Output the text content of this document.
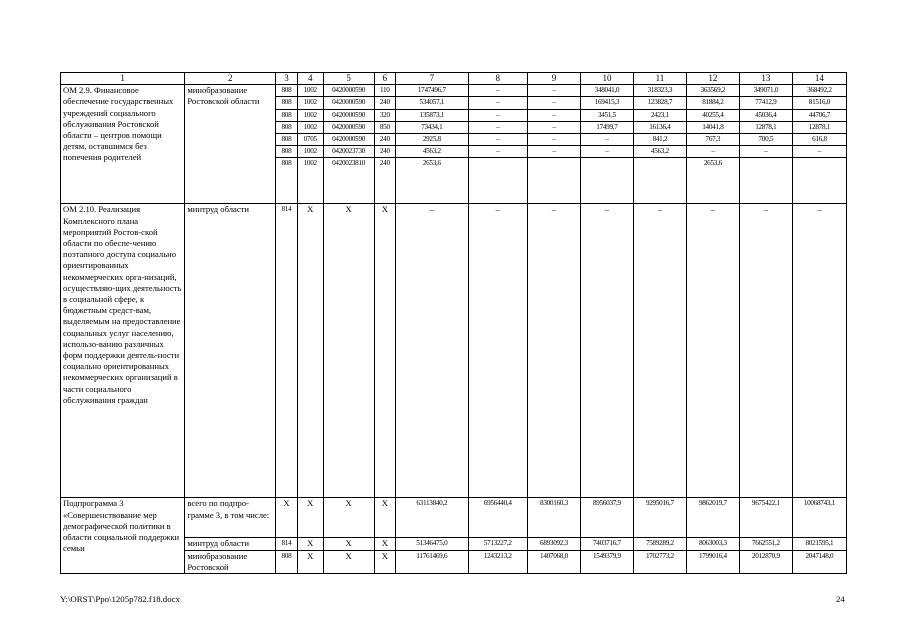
1	2	3	4	5	6	7	8	9	10	11	12	13	14
ОМ 2.9. Финансовое обеспечение государственных учреждений социального обслуживания Ростовской области – центров помощи детям, оставшимся без попечения родителей	минобразование Ростовской области	808	1002	0420000590	110	1747496,7	–	–	348041,0	318323,3	363569,2	349071,0	368492,2
		808	1002	0420000590	240	534057,1	–	–	169415,3	123828,7	81884,2	77412,9	81516,0
		808	1002	0420000590	320	135873,1	–	–	3451,5	2423,1	40255,4	45036,4	44706,7
		808	1002	0420000590	850	73434,1	–	–	17499,7	16136,4	14041,8	12878,1	12878,1
		808	0705	0420000590	240	2925,8	–	–	–	841,2	767,3	700,5	616,8
		808	1002	0420023730	240	4563,2	–	–	–	4563,2	–	–	–
		808	1002	0420023810	240	2653,6					2653,6		
ОМ 2.10. Реализация Комплексного плана мероприятий Ростов-ской области по обеспе-чению поэтапного доступа социально ориентированных некоммерческих орга-низаций, осуществляю-щих деятельность в социальной сфере, к бюджетным средст-вам, выделяемым на предоставление социальных услуг населению, использо-ванию различных форм поддержки деятель-ности социально ориентированных некоммерческих организаций в части социального обслуживания граждан	минтруд области	814	Х	Х	Х	–	–	–	–	–	–	–	–
Подпрограмма 3 «Совершенствование мер демографической политики в области социальной поддержки семьи	всего по подпро-грамме 3, в том числе:	Х	Х	Х	Х	63113840,2	6956440,4	8300160,3	8956037,9	9295016,7	9862019,7	9675422,1	10068743,1
	минтруд области	814	Х	Х	Х	51346475,0	5713227,2	6893092,3	7403716,7	7589289,2	8063003,3	7662551,2	8021595,1
	минобразование Ростовской	808	Х	Х	Х	11761469,6	1243213,2	1407068,0	1549379,9	1702773,2	1799016,4	2012870,9	2047148,0
Y:\ORST\Ppo\1205p782.f18.docx	24
